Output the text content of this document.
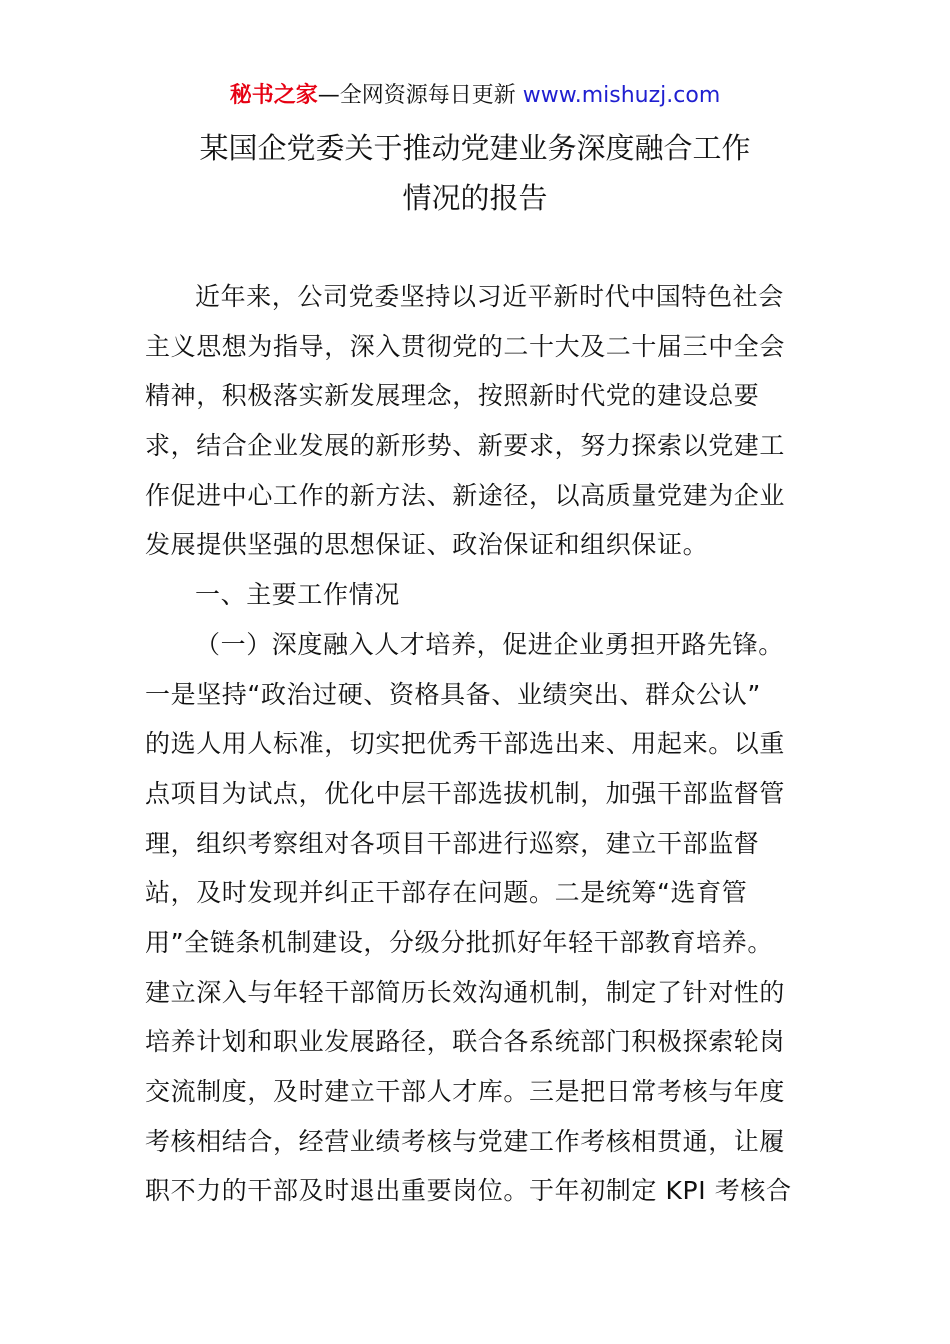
秘书之家—全网资源每日更新 www.mishuzj.com
某国企党委关于推动党建业务深度融合工作
情况的报告
近年来，公司党委坚持以习近平新时代中国特色社会
主义思想为指导，深入贯彻党的二十大及二十届三中全会
精神，积极落实新发展理念，按照新时代党的建设总要
求，结合企业发展的新形势、新要求，努力探索以党建工
作促进中心工作的新方法、新途径，以高质量党建为企业
发展提供坚强的思想保证、政治保证和组织保证。
一、主要工作情况
（一）深度融入人才培养，促进企业勇担开路先锋。
一是坚持“政治过硬、资格具备、业绩突出、群众公认”
的选人用人标准，切实把优秀干部选出来、用起来。以重
点项目为试点，优化中层干部选拔机制，加强干部监督管
理，组织考察组对各项目干部进行巡察，建立干部监督
站，及时发现并纠正干部存在问题。二是统筹“选育管
用”全链条机制建设，分级分批抓好年轻干部教育培养。
建立深入与年轻干部简历长效沟通机制，制定了针对性的
培养计划和职业发展路径，联合各系统部门积极探索轮岗
交流制度，及时建立干部人才库。三是把日常考核与年度
考核相结合，经营业绩考核与党建工作考核相贯通，让履
职不力的干部及时退出重要岗位。于年初制定 KPI 考核合
